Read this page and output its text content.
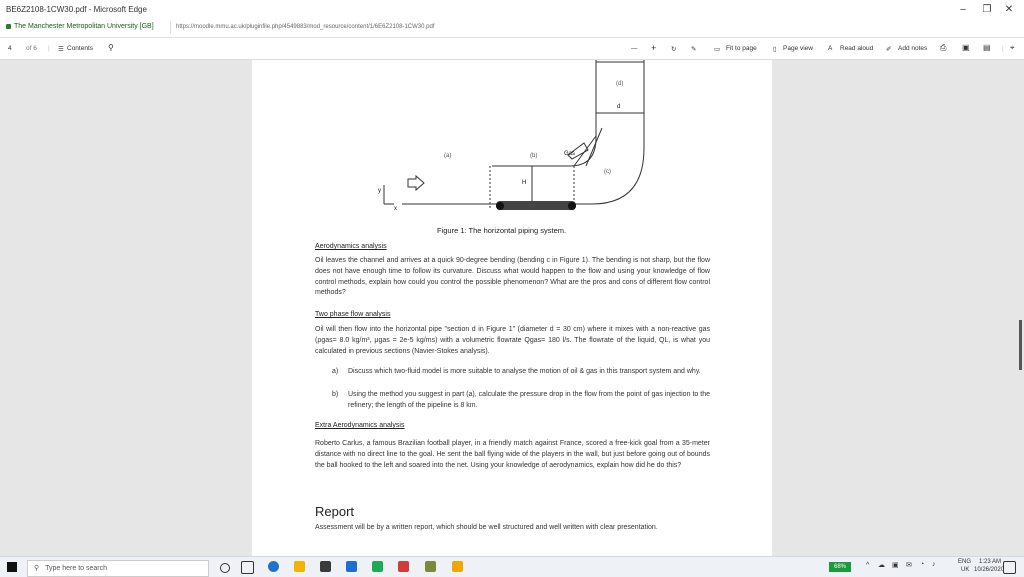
BE6Z2108-1CW30.pdf - Microsoft Edge	–	❐	✕
The Manchester Metropolitan University [GB]	https://moodle.mmu.ac.uk/pluginfile.php/4549883/mod_resource/content/1/6E6Z2108-1CW30.pdf
4 of 6 | ☰ Contents ⚲	— + ↻ ✎	▭ Fit to page	▯ Page view A Read aloud ✐ Add notes ⎙ ▣ ▤ | ⌖
(a)	(b)
(d)
d
(c)
Gas
H
y
x
Figure 1: The horizontal piping system.
Aerodynamics analysis
Oil leaves the channel and arrives at a quick 90-degree bending (bending c in Figure 1). The bending is not sharp, but the flow does not have enough time to follow its curvature. Discuss what would happen to the flow and using your knowledge of flow control methods, explain how could you control the possible phenomenon? What are the pros and cons of different flow control methods?
Two phase flow analysis
Oil will then flow into the horizontal pipe "section d in Figure 1" (diameter d = 30 cm) where it mixes with a non-reactive gas (ρgas= 8.0 kg/m³, μgas = 2e-5 kg/ms) with a volumetric flowrate Qgas= 180 l/s. The flowrate of the liquid, QL, is what you calculated in previous sections (Navier-Stokes analysis).
a)	Discuss which two-fluid model is more suitable to analyse the motion of oil & gas in this transport system and why.
b)	Using the method you suggest in part (a), calculate the pressure drop in the flow from the point of gas injection to the refinery; the length of the pipeline is 8 km.
Extra Aerodynamics analysis
Roberto Carlus, a famous Brazilian football player, in a friendly match against France, scored a free-kick goal from a 35-meter distance with no direct line to the goal. He sent the ball flying wide of the players in the wall, but just before going out of bounds the ball hooked to the left and soared into the net. Using your knowledge of aerodynamics, explain how did he do this?
Report
Assessment will be by a written report, which should be well structured and well written with clear presentation.
⚲ Type here to search	68%	^ ☁ ▣ ✉ ◔ ♪	ENG
UK
1:23 AM
10/26/2020
